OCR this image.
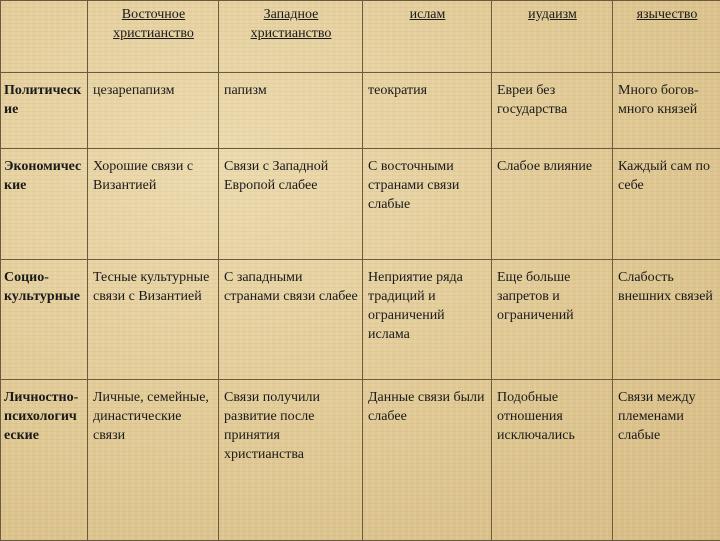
	Восточное христианство	Западное христианство	ислам	иудаизм	язычество
Политические	цезарепапизм	папизм	теократия	Евреи без государства	Много богов- много князей
Экономические	Хорошие связи с Византией	Связи с Западной Европой слабее	С восточными странами связи слабые	Слабое влияние	Каждый сам по себе
Социо-культурные	Тесные культурные связи с Византией	С западными странами связи слабее	Неприятие ряда традиций и ограничений ислама	Еще больше запретов и ограничений	Слабость внешних связей
Личностно-психологические	Личные, семейные, династические связи	Связи получили развитие после принятия христианства	Данные связи были слабее	Подобные отношения исключались	Связи между племенами слабые
